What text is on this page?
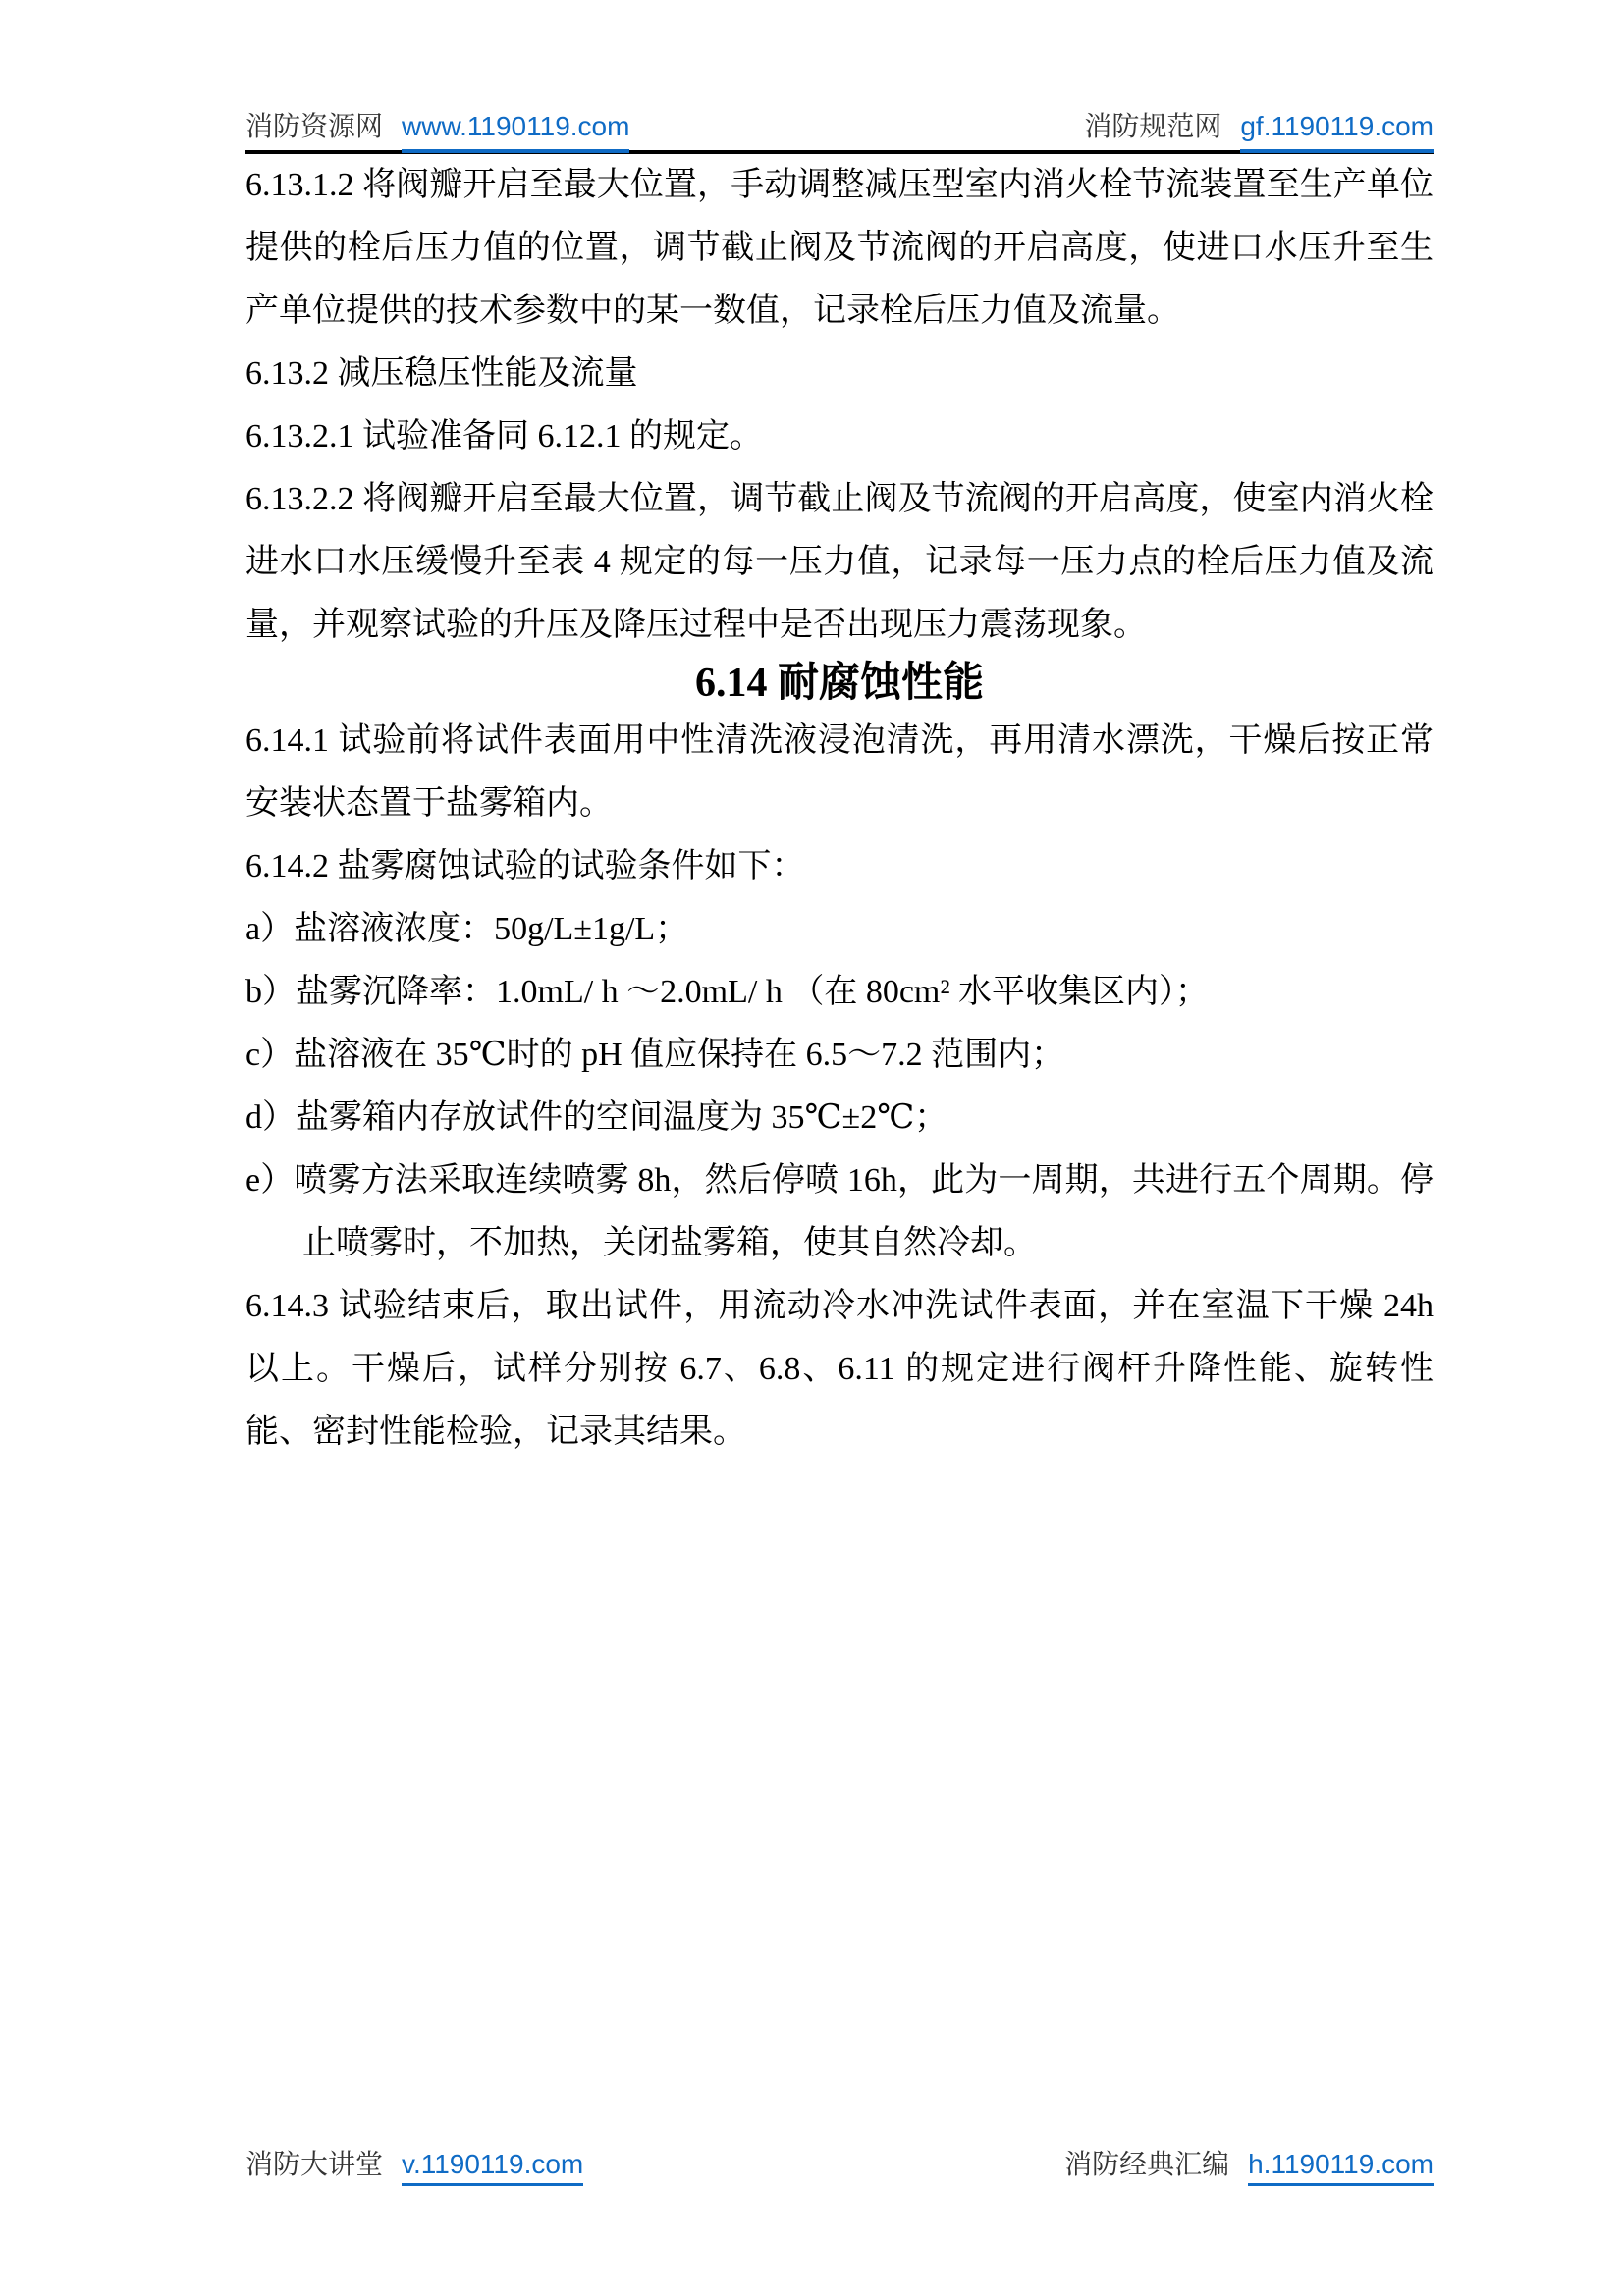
消防资源网 www.1190119.com	消防规范网 gf.1190119.com

6.13.1.2 将阀瓣开启至最大位置，手动调整减压型室内消火栓节流装置至生产单位提供的栓后压力值的位置，调节截止阀及节流阀的开启高度，使进口水压升至生产单位提供的技术参数中的某一数值，记录栓后压力值及流量。

6.13.2 减压稳压性能及流量

6.13.2.1 试验准备同 6.12.1 的规定。

6.13.2.2 将阀瓣开启至最大位置，调节截止阀及节流阀的开启高度，使室内消火栓进水口水压缓慢升至表 4 规定的每一压力值，记录每一压力点的栓后压力值及流量，并观察试验的升压及降压过程中是否出现压力震荡现象。

6.14 耐腐蚀性能

6.14.1 试验前将试件表面用中性清洗液浸泡清洗，再用清水漂洗，干燥后按正常安装状态置于盐雾箱内。

6.14.2 盐雾腐蚀试验的试验条件如下：

a）盐溶液浓度：50g/L±1g/L；

b）盐雾沉降率：1.0mL/ h ～2.0mL/ h （在 80cm² 水平收集区内）；

c）盐溶液在 35℃时的 pH 值应保持在 6.5～7.2 范围内；

d）盐雾箱内存放试件的空间温度为 35℃±2℃；

e）喷雾方法采取连续喷雾 8h，然后停喷 16h，此为一周期，共进行五个周期。停止喷雾时，不加热，关闭盐雾箱，使其自然冷却。

6.14.3 试验结束后，取出试件，用流动冷水冲洗试件表面，并在室温下干燥 24h 以上。干燥后，试样分别按 6.7、6.8、6.11 的规定进行阀杆升降性能、旋转性能、密封性能检验，记录其结果。

消防大讲堂 v.1190119.com	消防经典汇编 h.1190119.com
